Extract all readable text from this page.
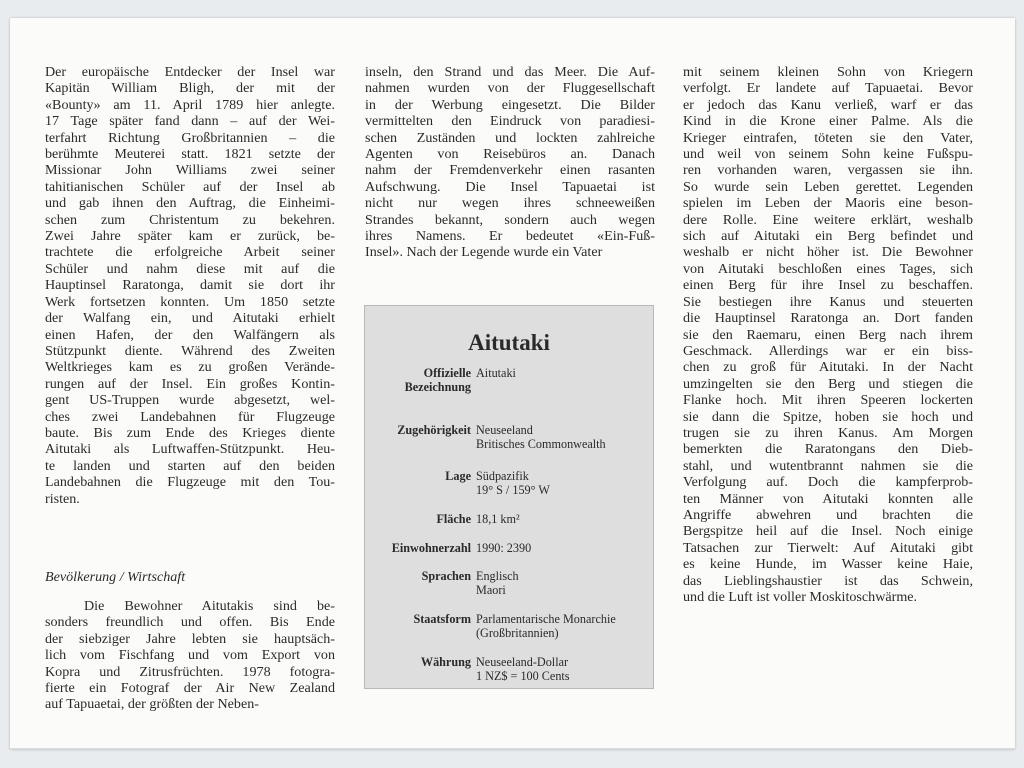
Der europäische Entdecker der Insel war
Kapitän William Bligh, der mit der
«Bounty» am 11. April 1789 hier anlegte.
17 Tage später fand dann – auf der Wei-
terfahrt Richtung Großbritannien – die
berühmte Meuterei statt. 1821 setzte der
Missionar John Williams zwei seiner
tahitianischen Schüler auf der Insel ab
und gab ihnen den Auftrag, die Einheimi-
schen zum Christentum zu bekehren.
Zwei Jahre später kam er zurück, be-
trachtete die erfolgreiche Arbeit seiner
Schüler und nahm diese mit auf die
Hauptinsel Raratonga, damit sie dort ihr
Werk fortsetzen konnten. Um 1850 setzte
der Walfang ein, und Aitutaki erhielt
einen Hafen, der den Walfängern als
Stützpunkt diente. Während des Zweiten
Weltkrieges kam es zu großen Verände-
rungen auf der Insel. Ein großes Kontin-
gent US-Truppen wurde abgesetzt, wel-
ches zwei Landebahnen für Flugzeuge
baute. Bis zum Ende des Krieges diente
Aitutaki als Luftwaffen-Stützpunkt. Heu-
te landen und starten auf den beiden
Landebahnen die Flugzeuge mit den Tou-
risten.
Bevölkerung / Wirtschaft
Die Bewohner Aitutakis sind be-
sonders freundlich und offen. Bis Ende
der siebziger Jahre lebten sie hauptsäch-
lich vom Fischfang und vom Export von
Kopra und Zitrusfrüchten. 1978 fotogra-
fierte ein Fotograf der Air New Zealand
auf Tapuaetai, der größten der Neben-
inseln, den Strand und das Meer. Die Auf-
nahmen wurden von der Fluggesellschaft
in der Werbung eingesetzt. Die Bilder
vermittelten den Eindruck von paradiesi-
schen Zuständen und lockten zahlreiche
Agenten von Reisebüros an. Danach
nahm der Fremdenverkehr einen rasanten
Aufschwung. Die Insel Tapuaetai ist
nicht nur wegen ihres schneeweißen
Strandes bekannt, sondern auch wegen
ihres Namens. Er bedeutet «Ein-Fuß-
Insel». Nach der Legende wurde ein Vater
Aitutaki
Offizielle
Bezeichnung
Aitutaki
Zugehörigkeit Neuseeland
Britisches Commonwealth
Lage Südpazifik
19° S / 159° W
Fläche 18,1 km²
Einwohnerzahl 1990: 2390
Sprachen Englisch
Maori
Staatsform Parlamentarische Monarchie
(Großbritannien)
Währung Neuseeland-Dollar
1 NZ$ = 100 Cents
mit seinem kleinen Sohn von Kriegern
verfolgt. Er landete auf Tapuaetai. Bevor
er jedoch das Kanu verließ, warf er das
Kind in die Krone einer Palme. Als die
Krieger eintrafen, töteten sie den Vater,
und weil von seinem Sohn keine Fußspu-
ren vorhanden waren, vergassen sie ihn.
So wurde sein Leben gerettet. Legenden
spielen im Leben der Maoris eine beson-
dere Rolle. Eine weitere erklärt, weshalb
sich auf Aitutaki ein Berg befindet und
weshalb er nicht höher ist. Die Bewohner
von Aitutaki beschloßen eines Tages, sich
einen Berg für ihre Insel zu beschaffen.
Sie bestiegen ihre Kanus und steuerten
die Hauptinsel Raratonga an. Dort fanden
sie den Raemaru, einen Berg nach ihrem
Geschmack. Allerdings war er ein biss-
chen zu groß für Aitutaki. In der Nacht
umzingelten sie den Berg und stiegen die
Flanke hoch. Mit ihren Speeren lockerten
sie dann die Spitze, hoben sie hoch und
trugen sie zu ihren Kanus. Am Morgen
bemerkten die Raratongans den Dieb-
stahl, und wutentbrannt nahmen sie die
Verfolgung auf. Doch die kampferprob-
ten Männer von Aitutaki konnten alle
Angriffe abwehren und brachten die
Bergspitze heil auf die Insel. Noch einige
Tatsachen zur Tierwelt: Auf Aitutaki gibt
es keine Hunde, im Wasser keine Haie,
das Lieblingshaustier ist das Schwein,
und die Luft ist voller Moskitoschwärme.
